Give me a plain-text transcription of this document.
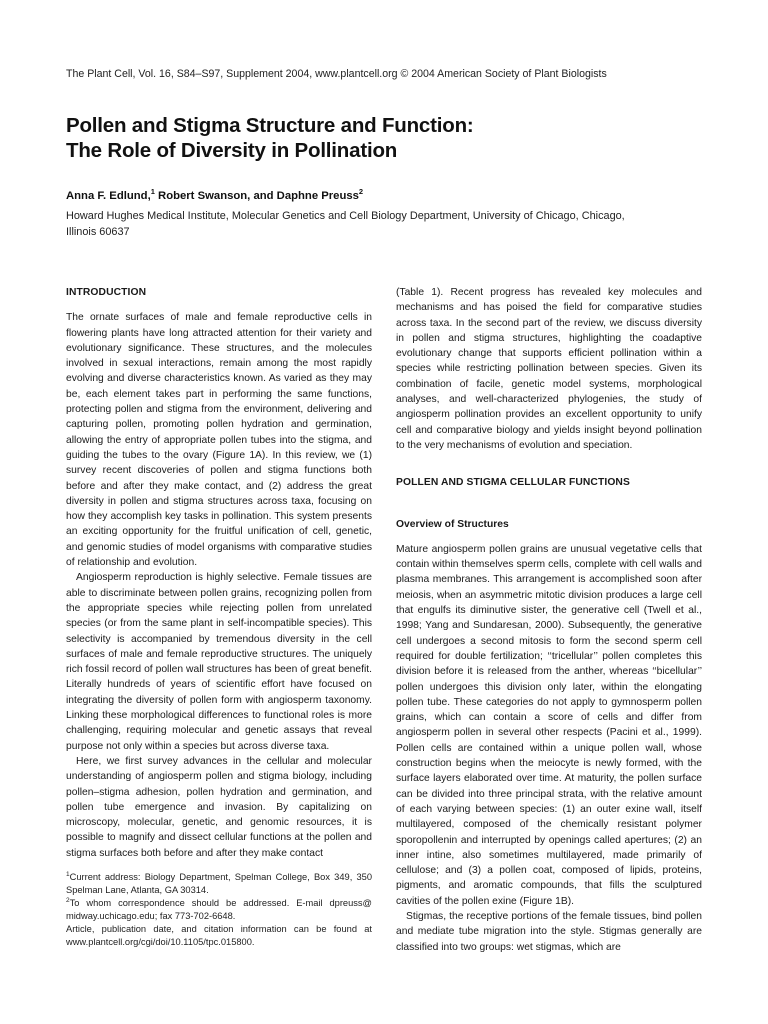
The Plant Cell, Vol. 16, S84–S97, Supplement 2004, www.plantcell.org © 2004 American Society of Plant Biologists
Pollen and Stigma Structure and Function:
The Role of Diversity in Pollination
Anna F. Edlund,$^1$ Robert Swanson, and Daphne Preuss$^2$
Howard Hughes Medical Institute, Molecular Genetics and Cell Biology Department, University of Chicago, Chicago, Illinois 60637
INTRODUCTION

The ornate surfaces of male and female reproductive cells in flowering plants have long attracted attention for their variety and evolutionary significance. These structures, and the molecules involved in sexual interactions, remain among the most rapidly evolving and diverse characteristics known. As varied as they may be, each element takes part in performing the same functions, protecting pollen and stigma from the environment, delivering and capturing pollen, promoting pollen hydration and germination, allowing the entry of appropriate pollen tubes into the stigma, and guiding the tubes to the ovary (Figure 1A). In this review, we (1) survey recent discoveries of pollen and stigma functions both before and after they make contact, and (2) address the great diversity in pollen and stigma structures across taxa, focusing on how they accomplish key tasks in pollination. This system presents an exciting opportunity for the fruitful unification of cell, genetic, and genomic studies of model organisms with comparative studies of relationship and evolution.

Angiosperm reproduction is highly selective. Female tissues are able to discriminate between pollen grains, recognizing pollen from the appropriate species while rejecting pollen from unrelated species (or from the same plant in self-incompatible species). This selectivity is accompanied by tremendous diversity in the cell surfaces of male and female reproductive structures. The uniquely rich fossil record of pollen wall structures has been of great benefit. Literally hundreds of years of scientific effort have focused on integrating the diversity of pollen form with angiosperm taxonomy. Linking these morphological differences to functional roles is more challenging, requiring molecular and genetic assays that reveal purpose not only within a species but across diverse taxa.

Here, we first survey advances in the cellular and molecular understanding of angiosperm pollen and stigma biology, including pollen–stigma adhesion, pollen hydration and germination, and pollen tube emergence and invasion. By capitalizing on microscopy, molecular, genetic, and genomic resources, it is possible to magnify and dissect cellular functions at the pollen and stigma surfaces both before and after they make contact

$^1$Current address: Biology Department, Spelman College, Box 349, 350 Spelman Lane, Atlanta, GA 30314.

$^2$To whom correspondence should be addressed. E-mail dpreuss@ midway.uchicago.edu; fax 773-702-6648.

Article, publication date, and citation information can be found at www.plantcell.org/cgi/doi/10.1105/tpc.015800.

(Table 1). Recent progress has revealed key molecules and mechanisms and has poised the field for comparative studies across taxa. In the second part of the review, we discuss diversity in pollen and stigma structures, highlighting the coadaptive evolutionary change that supports efficient pollination within a species while restricting pollination between species. Given its combination of facile, genetic model systems, morphological analyses, and well-characterized phylogenies, the study of angiosperm pollination provides an excellent opportunity to unify cell and comparative biology and yields insight beyond pollination to the very mechanisms of evolution and speciation.

POLLEN AND STIGMA CELLULAR FUNCTIONS
Overview of Structures

Mature angiosperm pollen grains are unusual vegetative cells that contain within themselves sperm cells, complete with cell walls and plasma membranes. This arrangement is accomplished soon after meiosis, when an asymmetric mitotic division produces a large cell that engulfs its diminutive sister, the generative cell (Twell et al., 1998; Yang and Sundaresan, 2000). Subsequently, the generative cell undergoes a second mitosis to form the second sperm cell required for double fertilization; ‘‘tricellular’’ pollen completes this division before it is released from the anther, whereas ‘‘bicellular’’ pollen undergoes this division only later, within the elongating pollen tube. These categories do not apply to gymnosperm pollen grains, which can contain a score of cells and differ from angiosperm pollen in several other respects (Pacini et al., 1999). Pollen cells are contained within a unique pollen wall, whose construction begins when the meiocyte is newly formed, with the surface layers elaborated over time. At maturity, the pollen surface can be divided into three principal strata, with the relative amount of each varying between species: (1) an outer exine wall, itself multilayered, composed of the chemically resistant polymer sporopollenin and interrupted by openings called apertures; (2) an inner intine, also sometimes multilayered, made primarily of cellulose; and (3) a pollen coat, composed of lipids, proteins, pigments, and aromatic compounds, that fills the sculptured cavities of the pollen exine (Figure 1B).

Stigmas, the receptive portions of the female tissues, bind pollen and mediate tube migration into the style. Stigmas generally are classified into two groups: wet stigmas, which are
